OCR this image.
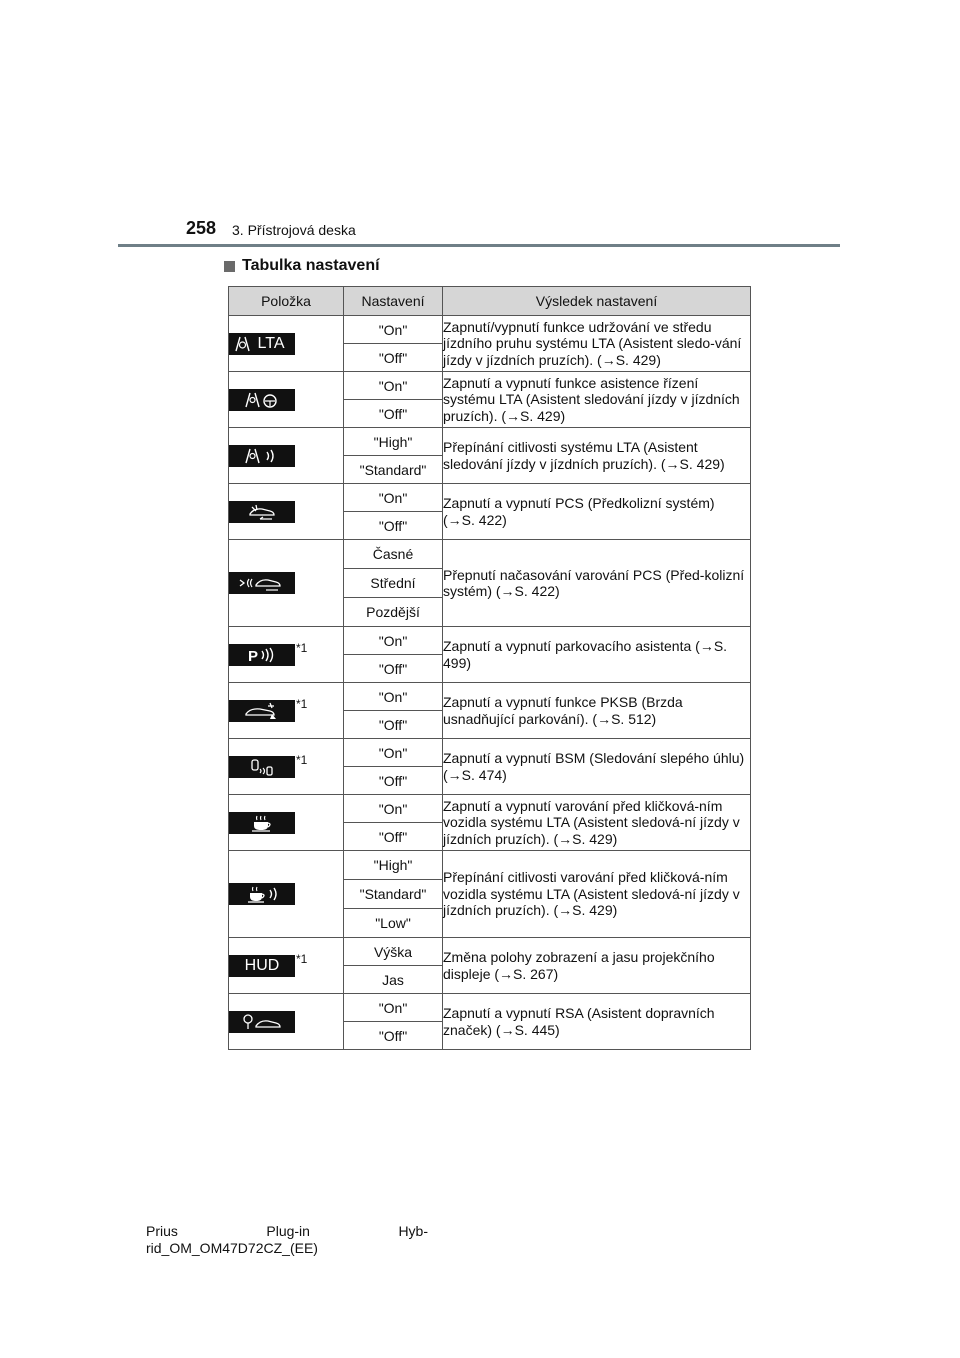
258 3. Přístrojová deska
Tabulka nastavení
Položka	Nastavení	Výsledek nastavení

LTA	"On"	Zapnutí/vypnutí funkce udržování ve středu jízdního pruhu systému LTA (Asistent sledo-vání jízdy v jízdních pruzích). (→S. 429)
	"Off"	

	"On"	Zapnutí a vypnutí funkce asistence řízení systému LTA (Asistent sledování jízdy v jízdních pruzích). (→S. 429)
	"Off"	

	"High"	Přepínání citlivosti systému LTA (Asistent sledování jízdy v jízdních pruzích). (→S. 429)
	"Standard"	

	"On"	Zapnutí a vypnutí PCS (Předkolizní systém) (→S. 422)
	"Off"	

	Časné	Přepnutí načasování varování PCS (Před-kolizní systém) (→S. 422)
	Střední	
	Pozdější	

P *1	"On"	Zapnutí a vypnutí parkovacího asistenta (→S. 499)
	"Off"	

*1	"On"	Zapnutí a vypnutí funkce PKSB (Brzda usnadňující parkování). (→S. 512)
	"Off"	

*1	"On"	Zapnutí a vypnutí BSM (Sledování slepého úhlu) (→S. 474)
	"Off"	

	"On"	Zapnutí a vypnutí varování před kličková-ním vozidla systému LTA (Asistent sledová-ní jízdy v jízdních pruzích). (→S. 429)
	"Off"	

	"High"	Přepínání citlivosti varování před kličková-ním vozidla systému LTA (Asistent sledová-ní jízdy v jízdních pruzích). (→S. 429)
	"Standard"	
	"Low"	

HUD *1	Výška	Změna polohy zobrazení a jasu projekčního displeje (→S. 267)
	Jas	

	"On"	Zapnutí a vypnutí RSA (Asistent dopravních značek) (→S. 445)
	"Off"	
Prius	Plug-in	Hyb-
rid_OM_OM47D72CZ_(EE)
